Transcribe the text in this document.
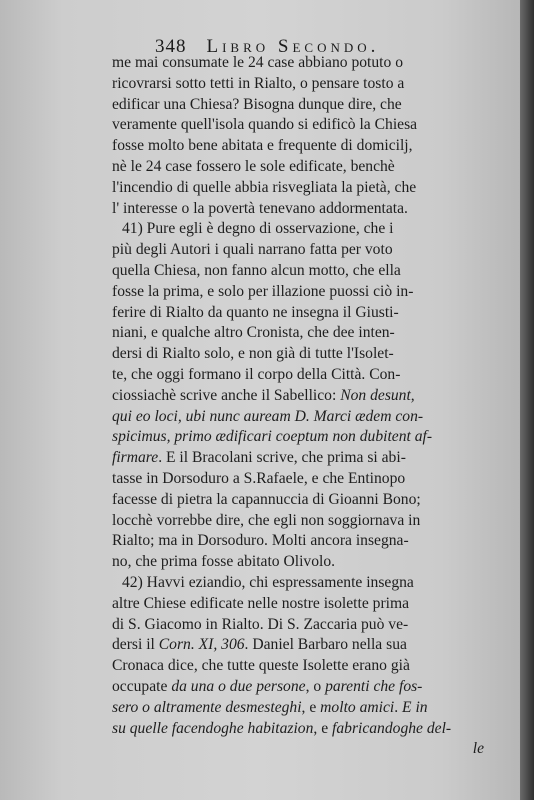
348 Libro Secondo.
me mai consumate le 24 case abbiano potuto o
ricovrarsi sotto tetti in Rialto, o pensare tosto a
edificar una Chiesa? Bisogna dunque dire, che
veramente quell'isola quando si edificò la Chiesa
fosse molto bene abitata e frequente di domicilj,
nè le 24 case fossero le sole edificate, benchè
l'incendio di quelle abbia risvegliata la pietà, che
l' interesse o la povertà tenevano addormentata.
41) Pure egli è degno di osservazione, che i
più degli Autori i quali narrano fatta per voto
quella Chiesa, non fanno alcun motto, che ella
fosse la prima, e solo per illazione puossi ciò in-
ferire di Rialto da quanto ne insegna il Giusti-
niani, e qualche altro Cronista, che dee inten-
dersi di Rialto solo, e non già di tutte l'Isolet-
te, che oggi formano il corpo della Città. Con-
ciossiachè scrive anche il Sabellico: Non desunt,
qui eo loci, ubi nunc auream D. Marci ædem con-
spicimus, primo ædificari coeptum non dubitent af-
firmare. E il Bracolani scrive, che prima si abi-
tasse in Dorsoduro a S.Rafaele, e che Entinopo
facesse di pietra la capannuccia di Gioanni Bono;
locchè vorrebbe dire, che egli non soggiornava in
Rialto; ma in Dorsoduro. Molti ancora insegna-
no, che prima fosse abitato Olivolo.
42) Havvi eziandio, chi espressamente insegna
altre Chiese edificate nelle nostre isolette prima
di S. Giacomo in Rialto. Di S. Zaccaria può ve-
dersi il Corn. XI, 306. Daniel Barbaro nella sua
Cronaca dice, che tutte queste Isolette erano già
occupate da una o due persone, o parenti che fos-
sero o altramente desmesteghi, e molto amici. E in
su quelle facendoghe habitazion, e fabricandoghe del-
le
